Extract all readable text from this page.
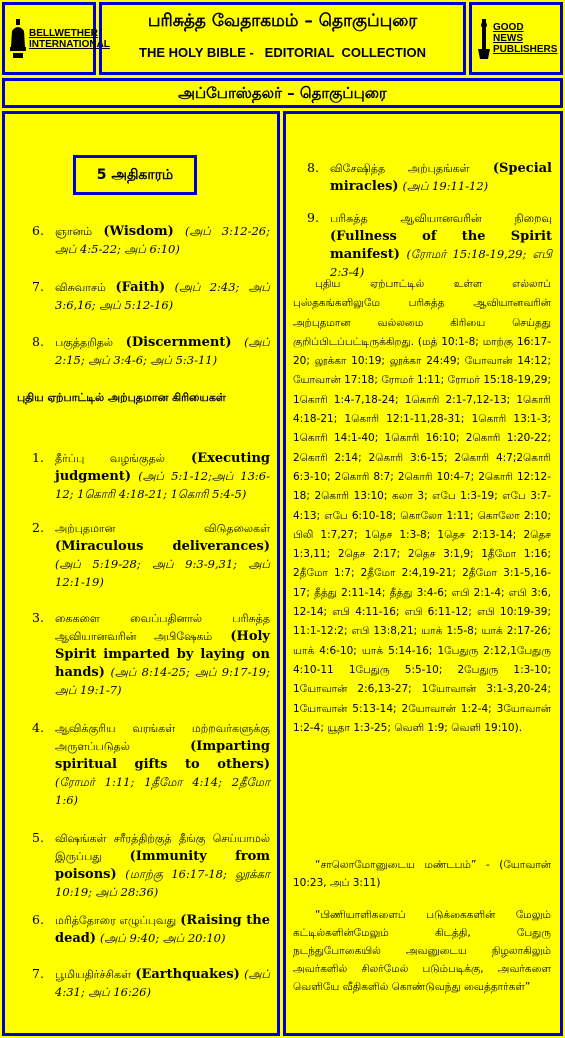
BELLWETHER INTERNATIONAL
பரிசுத்த வேதாகமம் – தொகுப்புரை
THE HOLY BIBLE -   EDITORIAL  COLLECTION
GOOD NEWS PUBLISHERS
அப்போஸ்தலர் – தொகுப்புரை
5 அதிகாரம்
6. ஞானம் (Wisdom) (அப் 3:12-26; அப் 4:5-22; அப் 6:10)
7. விசுவாசம் (Faith) (அப் 2:43; அப் 3:6,16; அப் 5:12-16)
8. பகுத்தறிதல் (Discernment) (அப் 2:15; அப் 3:4-6; அப் 5:3-11)
புதிய ஏற்பாட்டில் அற்புதமான கிரியைகள்
1. தீர்ப்பு வழங்குதல் (Executing judgment) (அப் 5:1-12;அப் 13:6-12; 1கொரி 4:18-21; 1கொரி 5:4-5)
2. அற்புதமான விடுதலைகள் (Miraculous deliverances) (அப் 5:19-28; அப் 9:3-9,31; அப் 12:1-19)
3. கைகளை வைப்பதினால் பரிசுத்த ஆவியானவரின் அபிஷேகம் (Holy Spirit imparted by laying on hands) (அப் 8:14-25; அப் 9:17-19; அப் 19:1-7)
4. ஆவிக்குரிய வரங்கள் மற்றவர்களுக்கு அருளப்படுதல்	(Imparting spiritual gifts to others) (ரோமர் 1:11; 1தீமோ 4:14; 2தீமோ 1:6)
5. விஷங்கள் சரீரத்திற்குத் தீங்கு செய்யாமல் இருப்பது (Immunity from poisons) (மாற்கு 16:17-18; லூக்கா 10:19; அப் 28:36)
6. மரித்தோரை எழுப்புவது (Raising the dead) (அப் 9:40; அப் 20:10)
7. பூமியதிர்ச்சிகள் (Earthquakes) (அப் 4:31; அப் 16:26)
8. விசேஷித்த அற்புதங்கள் (Special miracles) (அப் 19:11-12)
9. பரிசுத்த ஆவியானவரின் நிறைவு (Fullness of the Spirit manifest) (ரோமர் 15:18-19,29; எபி 2:3-4)
புதிய ஏற்பாட்டில் உள்ள எல்லாப் புஸ்தகங்களிலுமே பரிசுத்த ஆவியானவரின் அற்புதமான வல்லமை கிரியை செய்தது குறிப்பிடப்பட்டிருக்கிறது. (மத் 10:1-8; மாற்கு 16:17-20; லூக்கா 10:19; லூக்கா 24:49; யோவான் 14:12; யோவான் 17:18; ரோமர் 1:11; ரோமர் 15:18-19,29; 1கொரி 1:4-7,18-24; 1கொரி 2:1-7,12-13; 1கொரி 4:18-21; 1கொரி 12:1-11,28-31; 1கொரி 13:1-3; 1கொரி 14:1-40; 1கொரி 16:10; 2கொரி 1:20-22; 2கொரி 2:14; 2கொரி 3:6-15; 2கொரி 4:7;2கொரி 6:3-10; 2கொரி 8:7; 2கொரி 10:4-7; 2கொரி 12:12-18; 2கொரி 13:10; கலா 3; எபே 1:3-19; எபே 3:7-4:13; எபே 6:10-18; கொலோ 1:11; கொலோ 2:10; பிலி 1:7,27; 1தெச 1:3-8; 1தெச 2:13-14; 2தெச 1:3,11; 2தெச 2:17; 2தெச 3:1,9; 1தீமோ 1:16; 2தீமோ 1:7; 2தீமோ 2:4,19-21; 2தீமோ 3:1-5,16-17; தீத்து 2:11-14; தீத்து 3:4-6; எபி 2:1-4; எபி 3:6, 12-14; எபி 4:11-16; எபி 6:11-12; எபி 10:19-39; 11:1-12:2; எபி 13:8,21; யாக் 1:5-8; யாக் 2:17-26; யாக் 4:6-10; யாக் 5:14-16; 1பேதுரு 2:12,1பேதுரு 4:10-11 1பேதுரு 5:5-10; 2பேதுரு 1:3-10; 1யோவான் 2:6,13-27; 1யோவான் 3:1-3,20-24; 1யோவான் 5:13-14; 2யோவான் 1:2-4; 3யோவான் 1:2-4; யூதா 1:3-25; வெளி 1:9; வெளி 19:10).
“சாலொமோனுடைய மண்டபம்” - (யோவான் 10:23, அப் 3:11)
“பிணியாளிகளைப் படுக்கைகளின் மேலும் கட்டில்களின்மேலும் கிடத்தி, பேதுரு நடந்துபோகையில் அவனுடைய நிழலாகிலும் அவர்களில் சிலர்மேல் படும்படிக்கு, அவர்களை வெளியே வீதிகளில் கொண்டுவந்து வைத்தார்கள்”
